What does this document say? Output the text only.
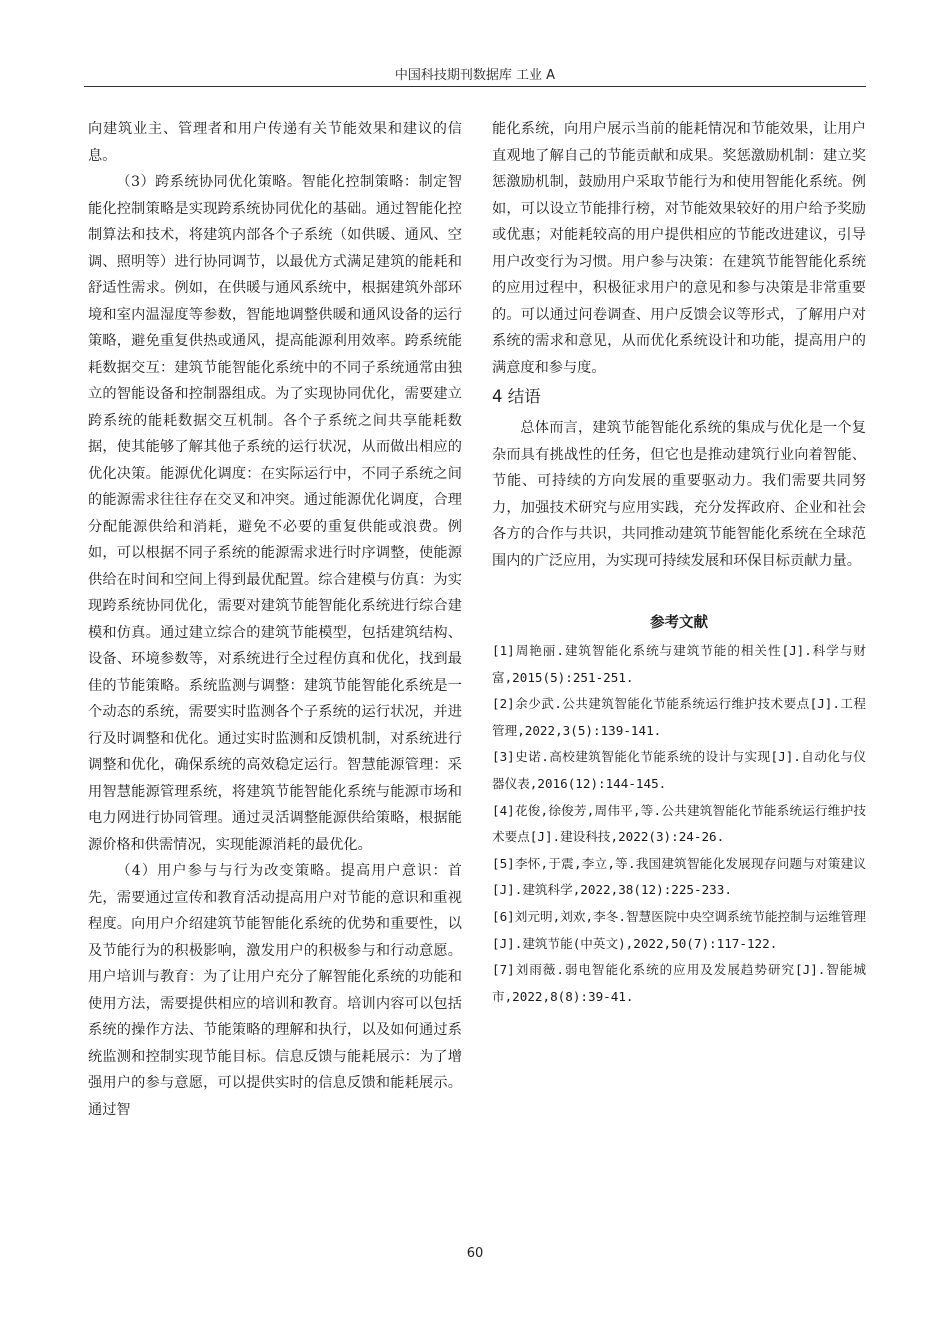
中国科技期刊数据库 工业 A

向建筑业主、管理者和用户传递有关节能效果和建议的信息。

（3）跨系统协同优化策略。智能化控制策略：制定智能化控制策略是实现跨系统协同优化的基础。通过智能化控制算法和技术，将建筑内部各个子系统（如供暖、通风、空调、照明等）进行协同调节，以最优方式满足建筑的能耗和舒适性需求。例如，在供暖与通风系统中，根据建筑外部环境和室内温湿度等参数，智能地调整供暖和通风设备的运行策略，避免重复供热或通风，提高能源利用效率。跨系统能耗数据交互：建筑节能智能化系统中的不同子系统通常由独立的智能设备和控制器组成。为了实现协同优化，需要建立跨系统的能耗数据交互机制。各个子系统之间共享能耗数据，使其能够了解其他子系统的运行状况，从而做出相应的优化决策。能源优化调度：在实际运行中，不同子系统之间的能源需求往往存在交叉和冲突。通过能源优化调度，合理分配能源供给和消耗，避免不必要的重复供能或浪费。例如，可以根据不同子系统的能源需求进行时序调整，使能源供给在时间和空间上得到最优配置。综合建模与仿真：为实现跨系统协同优化，需要对建筑节能智能化系统进行综合建模和仿真。通过建立综合的建筑节能模型，包括建筑结构、设备、环境参数等，对系统进行全过程仿真和优化，找到最佳的节能策略。系统监测与调整：建筑节能智能化系统是一个动态的系统，需要实时监测各个子系统的运行状况，并进行及时调整和优化。通过实时监测和反馈机制，对系统进行调整和优化，确保系统的高效稳定运行。智慧能源管理：采用智慧能源管理系统，将建筑节能智能化系统与能源市场和电力网进行协同管理。通过灵活调整能源供给策略，根据能源价格和供需情况，实现能源消耗的最优化。

（4）用户参与与行为改变策略。提高用户意识：首先，需要通过宣传和教育活动提高用户对节能的意识和重视程度。向用户介绍建筑节能智能化系统的优势和重要性，以及节能行为的积极影响，激发用户的积极参与和行动意愿。用户培训与教育：为了让用户充分了解智能化系统的功能和使用方法，需要提供相应的培训和教育。培训内容可以包括系统的操作方法、节能策略的理解和执行，以及如何通过系统监测和控制实现节能目标。信息反馈与能耗展示：为了增强用户的参与意愿，可以提供实时的信息反馈和能耗展示。通过智

能化系统，向用户展示当前的能耗情况和节能效果，让用户直观地了解自己的节能贡献和成果。奖惩激励机制：建立奖惩激励机制，鼓励用户采取节能行为和使用智能化系统。例如，可以设立节能排行榜，对节能效果较好的用户给予奖励或优惠；对能耗较高的用户提供相应的节能改进建议，引导用户改变行为习惯。用户参与决策：在建筑节能智能化系统的应用过程中，积极征求用户的意见和参与决策是非常重要的。可以通过问卷调查、用户反馈会议等形式，了解用户对系统的需求和意见，从而优化系统设计和功能，提高用户的满意度和参与度。

4 结语

总体而言，建筑节能智能化系统的集成与优化是一个复杂而具有挑战性的任务，但它也是推动建筑行业向着智能、节能、可持续的方向发展的重要驱动力。我们需要共同努力，加强技术研究与应用实践，充分发挥政府、企业和社会各方的合作与共识，共同推动建筑节能智能化系统在全球范围内的广泛应用，为实现可持续发展和环保目标贡献力量。

参考文献

[1]周艳丽.建筑智能化系统与建筑节能的相关性[J].科学与财富,2015(5):251-251.

[2]余少武.公共建筑智能化节能系统运行维护技术要点[J].工程管理,2022,3(5):139-141.

[3]史诺.高校建筑智能化节能系统的设计与实现[J].自动化与仪器仪表,2016(12):144-145.

[4]花俊,徐俊芳,周伟平,等.公共建筑智能化节能系统运行维护技术要点[J].建设科技,2022(3):24-26.

[5]李怀,于震,李立,等.我国建筑智能化发展现存问题与对策建议[J].建筑科学,2022,38(12):225-233.

[6]刘元明,刘欢,李冬.智慧医院中央空调系统节能控制与运维管理[J].建筑节能(中英文),2022,50(7):117-122.

[7]刘雨薇.弱电智能化系统的应用及发展趋势研究[J].智能城市,2022,8(8):39-41.

60
